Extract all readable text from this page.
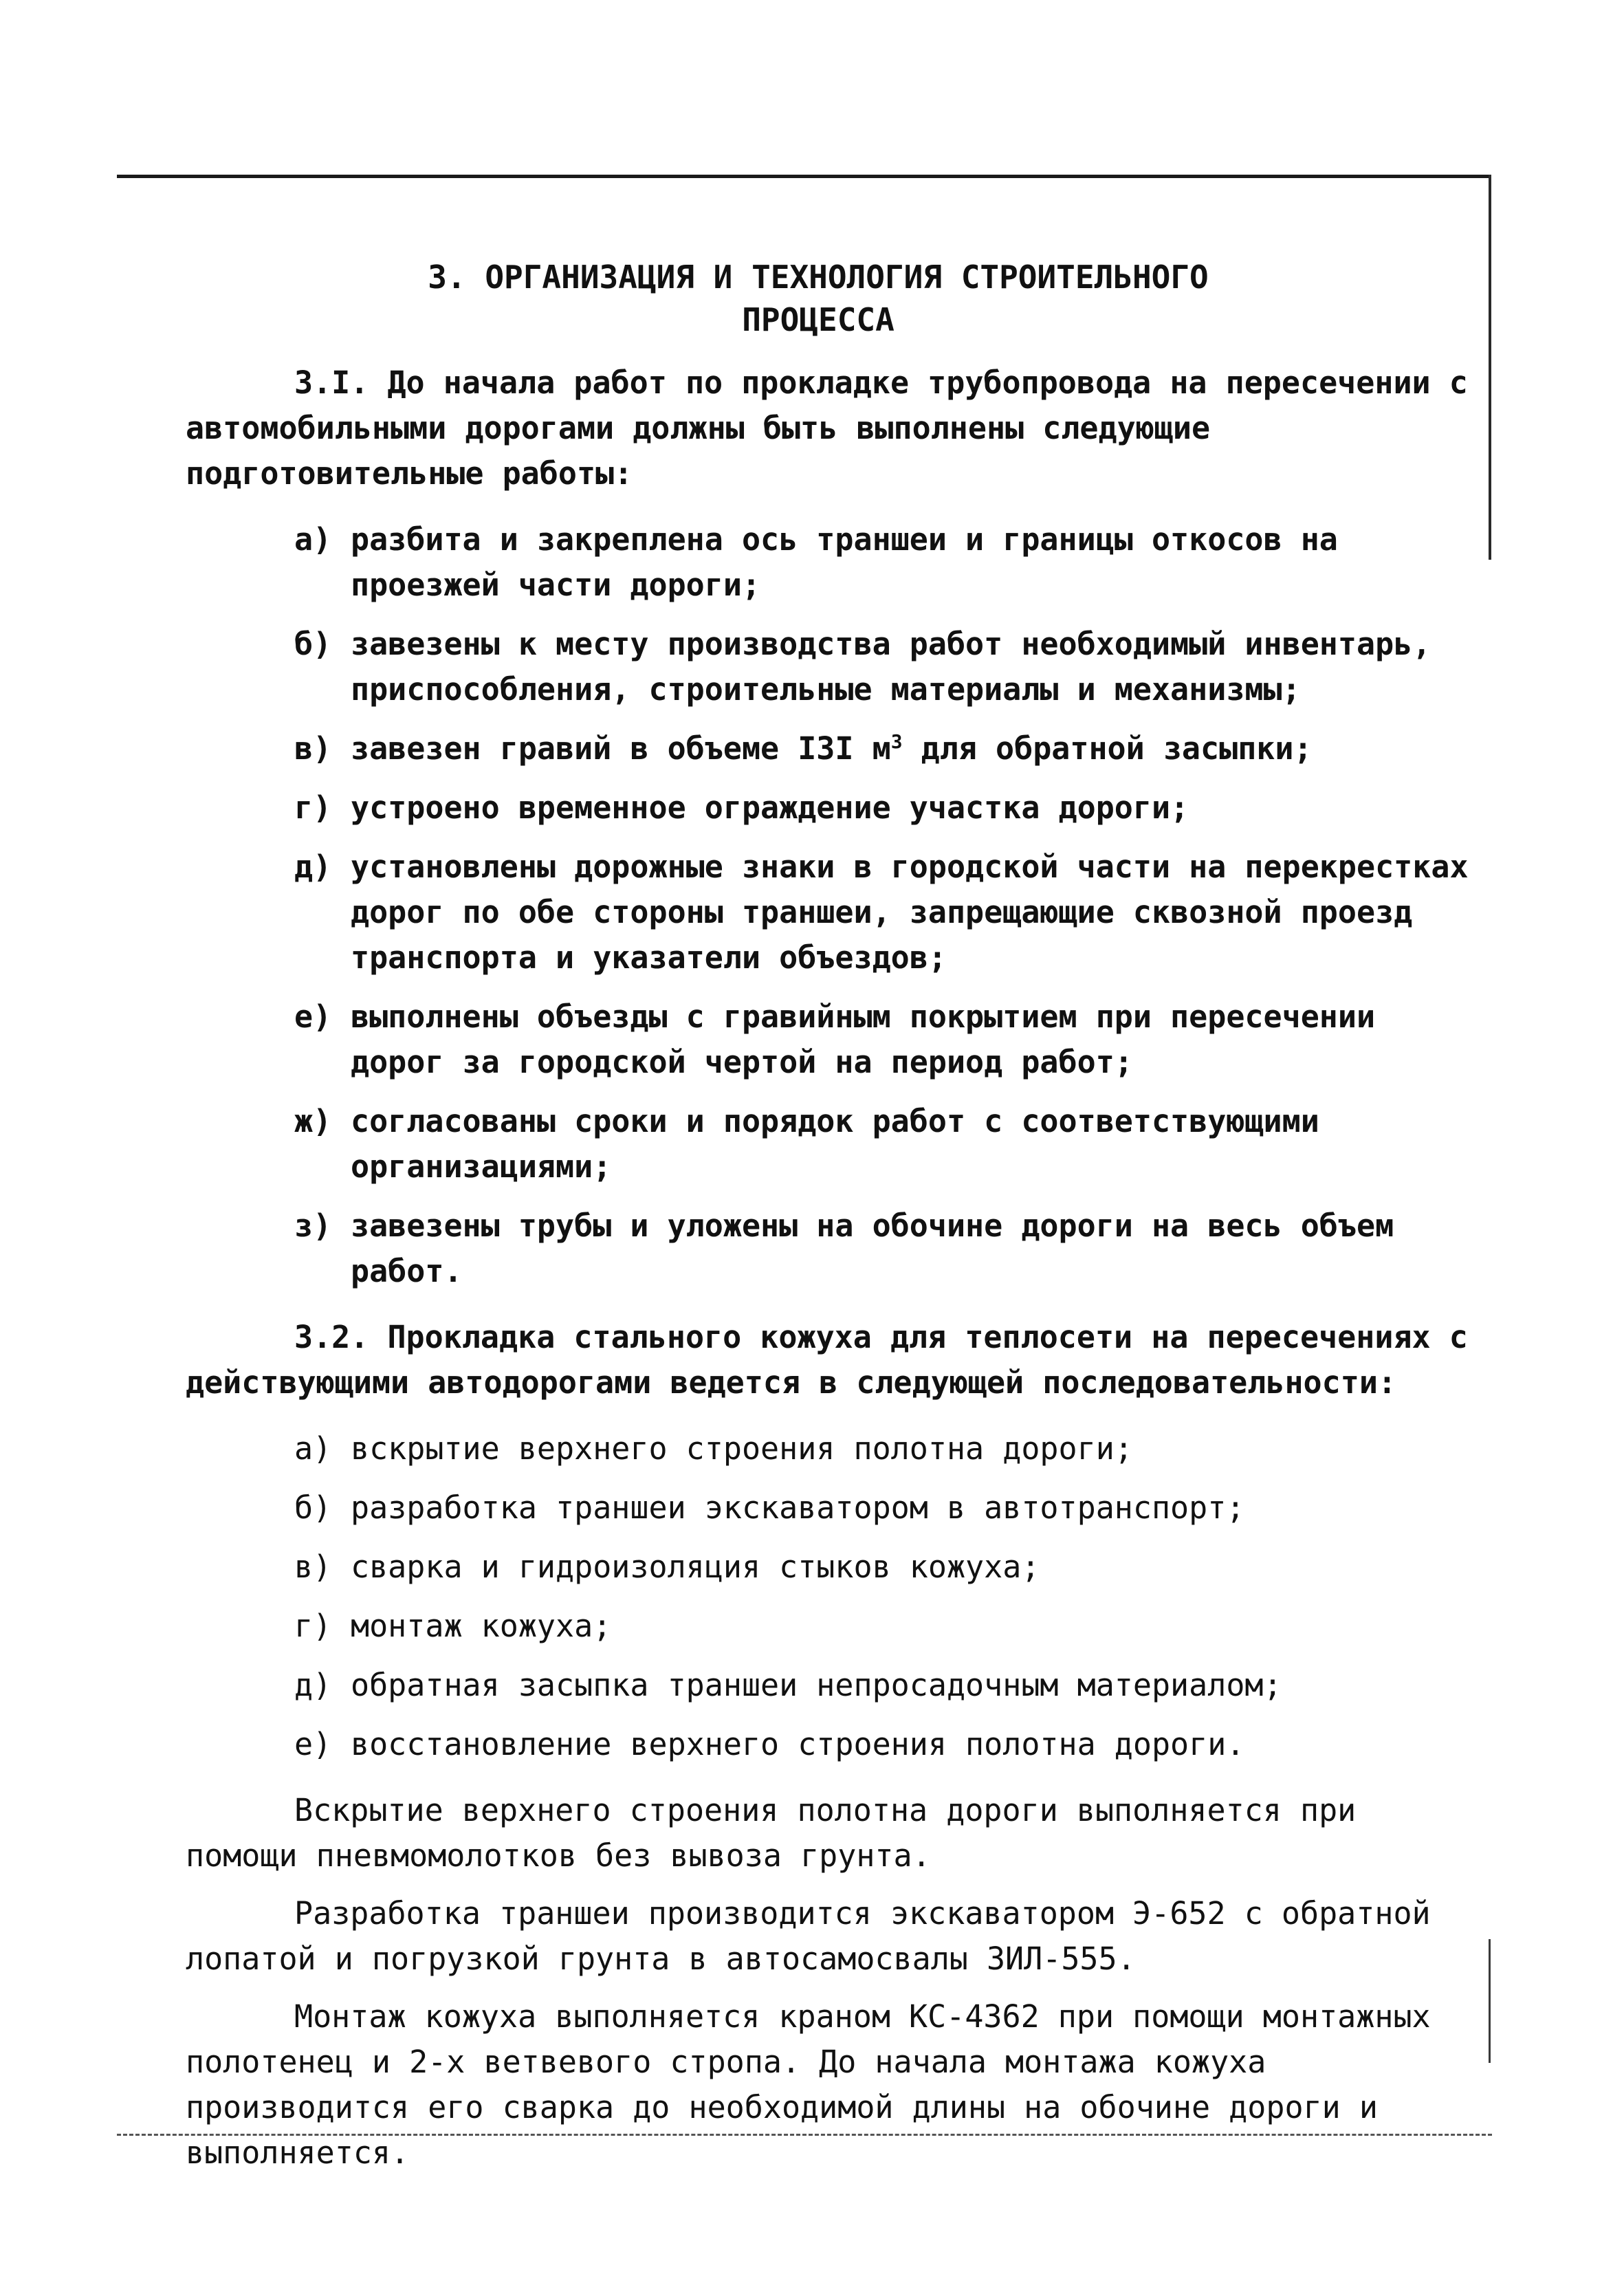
3. ОРГАНИЗАЦИЯ И ТЕХНОЛОГИЯ СТРОИТЕЛЬНОГО
ПРОЦЕССА

3.I. До начала работ по прокладке трубопровода на пересечении с автомобильными дорогами должны быть выполнены следующие подготовительные работы:

а) разбита и закреплена ось траншеи и границы откосов на проезжей части дороги;
б) завезены к месту производства работ необходимый инвентарь, приспособления, строительные материалы и механизмы;
в) завезен гравий в объеме I3I $м^3$ для обратной засыпки;
г) устроено временное ограждение участка дороги;
д) установлены дорожные знаки в городской части на перекрестках дорог по обе стороны траншеи, запрещающие сквозной проезд транспорта и указатели объездов;
е) выполнены объезды с гравийным покрытием при пересечении дорог за городской чертой на период работ;
ж) согласованы сроки и порядок работ с соответствующими организациями;
з) завезены трубы и уложены на обочине дороги на весь объем работ.

3.2. Прокладка стального кожуха для теплосети на пересечениях с действующими автодорогами ведется в следующей последовательности:

а) вскрытие верхнего строения полотна дороги;
б) разработка траншеи экскаватором в автотранспорт;
в) сварка и гидроизоляция стыков кожуха;
г) монтаж кожуха;
д) обратная засыпка траншеи непросадочным материалом;
е) восстановление верхнего строения полотна дороги.

Вскрытие верхнего строения полотна дороги выполняется при помощи пневмомолотков без вывоза грунта.

Разработка траншеи производится экскаватором Э-652 с обратной лопатой и погрузкой грунта в автосамосвалы ЗИЛ-555.

Монтаж кожуха выполняется краном КС-4362 при помощи монтажных полотенец и 2-х ветвевого стропа. До начала монтажа кожуха производится его сварка до необходимой длины на обочине дороги и выполняется.
